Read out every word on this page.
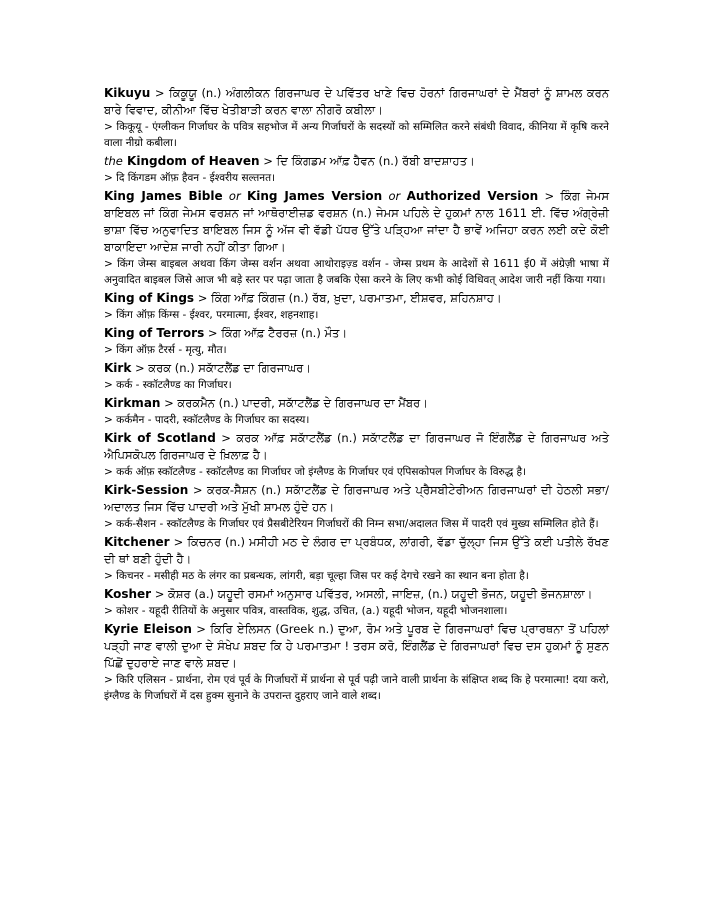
Kikuyu > ਕਿਕੂਯੂ (n.) ਅੰਗਲੀਕਨ ਗਿਰਜਾਘਰ ਦੇ ਪਵਿੱਤਰ ਖਾਣੇ ਵਿਚ ਹੋਰਨਾਂ ਗਿਰਜਾਘਰਾਂ ਦੇ ਮੈਂਬਰਾਂ ਨੂੰ ਸ਼ਾਮਲ ਕਰਨ ਬਾਰੇ ਵਿਵਾਦ, ਕੀਨੀਆ ਵਿੱਚ ਖੇਤੀਬਾੜੀ ਕਰਨ ਵਾਲਾ ਨੀਗਰੋ ਕਬੀਲਾ।
> किकूयू - एंग्लीकन गिर्जाघर के पवित्र सहभोज में अन्य गिर्जाघरों के सदस्यों को सम्मिलित करने संबंधी विवाद, कीनिया में कृषि करने वाला नीग्रो कबीला।
the Kingdom of Heaven > ਦਿ ਕਿੰਗਡਮ ਆੱਫ਼ ਹੈਵਨ (n.) ਰੱਬੀ ਬਾਦਸ਼ਾਹਤ।
> दि किंगडम ऑफ़ हैवन - ईश्वरीय सल्तनत।
King James Bible or King James Version or Authorized Version > ਕਿੰਗ ਜੇਮਸ ਬਾਇਬਲ ਜਾਂ ਕਿੰਗ ਜੇਮਸ ਵਰਸ਼ਨ ਜਾਂ ਆਥੋਰਾਈਜ਼ਡ ਵਰਸ਼ਨ (n.) ਜੇਮਸ ਪਹਿਲੇ ਦੇ ਹੁਕਮਾਂ ਨਾਲ 1611 ਈ. ਵਿੱਚ ਅੰਗ੍ਰੇਜ਼ੀ ਭਾਸ਼ਾ ਵਿੱਚ ਅਨੁਵਾਦਿਤ ਬਾਇਬਲ ਜਿਸ ਨੂੰ ਅੱਜ ਵੀ ਵੱਡੀ ਪੱਧਰ ਉੱਤੇ ਪੜ੍ਹਿਆ ਜਾਂਦਾ ਹੈ ਭਾਵੇਂ ਅਜਿਹਾ ਕਰਨ ਲਈ ਕਦੇ ਕੋਈ ਬਾਕਾਇਦਾ ਆਦੇਸ਼ ਜਾਰੀ ਨਹੀਂ ਕੀਤਾ ਗਿਆ।
> किंग जेम्स बाइबल अथवा किंग जेम्स वर्शन अथवा आथोराइज़्ड वर्शन - जेम्स प्रथम के आदेशों से 1611 ई0 में अंग्रेज़ी भाषा में अनुवादित बाइबल जिसे आज भी बड़े स्तर पर पढ़ा जाता है जबकि ऐसा करने के लिए कभी कोई विधिवत् आदेश जारी नहीं किया गया।
King of Kings > ਕਿੰਗ ਆੱਫ਼ ਕਿੰਗਜ਼ (n.) ਰੱਬ, ਖ਼ੁਦਾ, ਪਰਮਾਤਮਾ, ਈਸ਼ਵਰ, ਸ਼ਹਿਨਸ਼ਾਹ।
> किंग ऑफ़ किंग्स - ईश्वर, परमात्मा, ईश्वर, शहनशाह।
King of Terrors > ਕਿੰਗ ਆੱਫ਼ ਟੈਰਰਜ਼ (n.) ਮੌਤ।
> किंग ऑफ़ टैरर्स - मृत्यु, मौत।
Kirk > ਕਰਕ (n.) ਸਕਾੱਟਲੈਂਡ ਦਾ ਗਿਰਜਾਘਰ।
> कर्क - स्कॉटलैण्ड का गिर्जाघर।
Kirkman > ਕਰਕਮੈਨ (n.) ਪਾਦਰੀ, ਸਕਾੱਟਲੈਂਡ ਦੇ ਗਿਰਜਾਘਰ ਦਾ ਮੈਂਬਰ।
> कर्कमैन - पादरी, स्कॉटलैण्ड के गिर्जाघर का सदस्य।
Kirk of Scotland > ਕਰਕ ਆੱਫ਼ ਸਕਾੱਟਲੈਂਡ (n.) ਸਕਾੱਟਲੈਂਡ ਦਾ ਗਿਰਜਾਘਰ ਜੋ ਇੰਗਲੈਂਡ ਦੇ ਗਿਰਜਾਘਰ ਅਤੇ ਐਪਿਸਕੋਪਲ ਗਿਰਜਾਘਰ ਦੇ ਖ਼ਿਲਾਫ਼ ਹੈ।
> कर्क ऑफ़ स्कॉटलैण्ड - स्कॉटलैण्ड का गिर्जाघर जो इंग्लैण्ड के गिर्जाघर एवं एपिसकोपल गिर्जाघर के विरुद्ध है।
Kirk-Session > ਕਰਕ-ਸੈਸ਼ਨ (n.) ਸਕਾੱਟਲੈਂਡ ਦੇ ਗਿਰਜਾਘਰ ਅਤੇ ਪ੍ਰੈਸਬੀਟੇਰੀਅਨ ਗਿਰਜਾਘਰਾਂ ਦੀ ਹੇਠਲੀ ਸਭਾ/ਅਦਾਲਤ ਜਿਸ ਵਿੱਚ ਪਾਦਰੀ ਅਤੇ ਮੁੱਖੀ ਸ਼ਾਮਲ ਹੁੰਦੇ ਹਨ।
> कर्क-सैशन - स्कॉटलैण्ड के गिर्जाघर एवं प्रैसबीटेरियन गिर्जाघरों की निम्न सभा/अदालत जिस में पादरी एवं मुख्य सम्मिलित होते हैं।
Kitchener > ਕਿਚਨਰ (n.) ਮਸੀਹੀ ਮਠ ਦੇ ਲੰਗਰ ਦਾ ਪ੍ਰਬੰਧਕ, ਲਾਂਗਰੀ, ਵੱਡਾ ਚੁੱਲ੍ਹਾ ਜਿਸ ਉੱਤੇ ਕਈ ਪਤੀਲੇ ਰੱਖਣ ਦੀ ਥਾਂ ਬਣੀ ਹੁੰਦੀ ਹੈ।
> किचनर - मसीही मठ के लंगर का प्रबन्धक, लांगरी, बड़ा चूल्हा जिस पर कई देगचे रखने का स्थान बना होता है।
Kosher > ਕੋਸ਼ਰ (a.) ਯਹੂਦੀ ਰਸਮਾਂ ਅਨੁਸਾਰ ਪਵਿੱਤਰ, ਅਸਲੀ, ਜਾਇਜ਼, (n.) ਯਹੂਦੀ ਭੋਜਨ, ਯਹੂਦੀ ਭੋਜਨਸ਼ਾਲਾ।
> कोशर - यहूदी रीतियों के अनुसार पवित्र, वास्तविक, शुद्ध, उचित, (a.) यहूदी भोजन, यहूदी भोजनशाला।
Kyrie Eleison > ਕਿਰਿ ਏਲਿਸਨ (Greek n.) ਦੁਆ, ਰੋਮ ਅਤੇ ਪੂਰਬ ਦੇ ਗਿਰਜਾਘਰਾਂ ਵਿਚ ਪ੍ਰਾਰਥਨਾ ਤੋਂ ਪਹਿਲਾਂ ਪੜ੍ਹੀ ਜਾਣ ਵਾਲੀ ਦੁਆ ਦੇ ਸੰਖੇਪ ਸ਼ਬਦ ਕਿ ਹੇ ਪਰਮਾਤਮਾ ! ਤਰਸ ਕਰੋ, ਇੰਗਲੈਂਡ ਦੇ ਗਿਰਜਾਘਰਾਂ ਵਿਚ ਦਸ ਹੁਕਮਾਂ ਨੂੰ ਸੁਣਨ ਪਿੱਛੋਂ ਦੁਹਰਾਏ ਜਾਣ ਵਾਲੇ ਸ਼ਬਦ।
> किरि एलिसन - प्रार्थना, रोम एवं पूर्व के गिर्जाघरों में प्रार्थना से पूर्व पढ़ी जाने वाली प्रार्थना के संक्षिप्त शब्द कि हे परमात्मा! दया करो, इंग्लैण्ड के गिर्जाघरों में दस हुक्म सुनाने के उपरान्त दुहराए जाने वाले शब्द।
